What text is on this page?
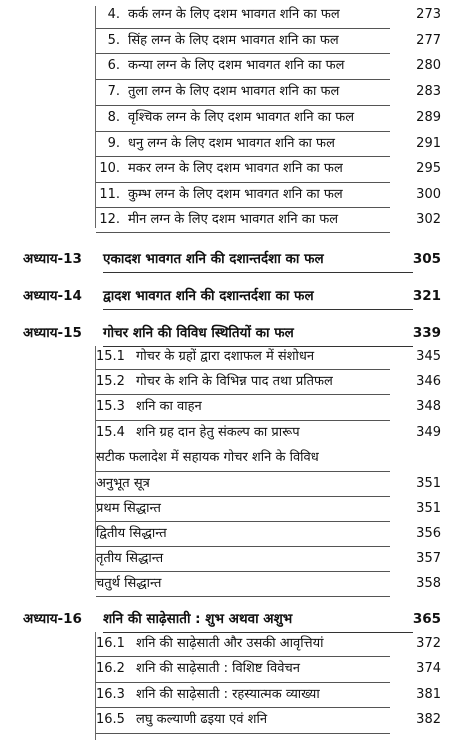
4. कर्क लग्न के लिए दशम भावगत शनि का फल	273
5. सिंह लग्न के लिए दशम भावगत शनि का फल	277
6. कन्या लग्न के लिए दशम भावगत शनि का फल	280
7. तुला लग्न के लिए दशम भावगत शनि का फल	283
8. वृश्चिक लग्न के लिए दशम भावगत शनि का फल	289
9. धनु लग्न के लिए दशम भावगत शनि का फल	291
10. मकर लग्न के लिए दशम भावगत शनि का फल	295
11. कुम्भ लग्न के लिए दशम भावगत शनि का फल	300
12. मीन लग्न के लिए दशम भावगत शनि का फल	302
अध्याय-13 एकादश भावगत शनि की दशान्तर्दशा का फल	305
अध्याय-14 द्वादश भावगत शनि की दशान्तर्दशा का फल	321
अध्याय-15 गोचर शनि की विविध स्थितियों का फल	339
15.1 गोचर के ग्रहों द्वारा दशाफल में संशोधन	345
15.2 गोचर के शनि के विभिन्न पाद तथा प्रतिफल	346
15.3 शनि का वाहन	348
15.4 शनि ग्रह दान हेतु संकल्प का प्रारूप	349
सटीक फलादेश में सहायक गोचर शनि के विविध
अनुभूत सूत्र	351
प्रथम सिद्धान्त	351
द्वितीय सिद्धान्त	356
तृतीय सिद्धान्त	357
चतुर्थ सिद्धान्त	358
अध्याय-16 शनि की साढ़ेसाती : शुभ अथवा अशुभ	365
16.1 शनि की साढ़ेसाती और उसकी आवृत्तियां	372
16.2 शनि की साढ़ेसाती : विशिष्ट विवेचन	374
16.3 शनि की साढ़ेसाती : रहस्यात्मक व्याख्या	381
16.5 लघु कल्याणी ढइया एवं शनि	382
